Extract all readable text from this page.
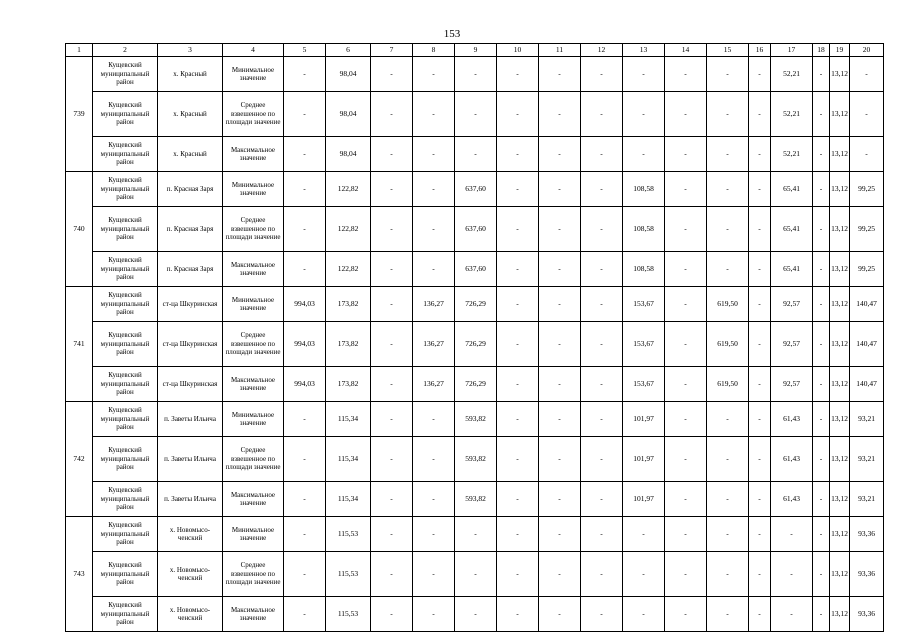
153
1	2	3	4	5	6	7	8	9	10	11	12	13	14	15	16	17	18	19	20
739	Кущевский муниципальный район	х. Красный	Минимальное значение	-	98,04	-	-	-	-	-	-	-	-	-	-	52,21	-	13,12	-
	Кущевский муниципальный район	х. Красный	Среднее взвешенное по площади значение	-	98,04	-	-	-	-	-	-	-	-	-	-	52,21	-	13,12	-
	Кущевский муниципальный район	х. Красный	Максимальное значение	-	98,04	-	-	-	-	-	-	-	-	-	-	52,21	-	13,12	-
740	Кущевский муниципальный район	п. Красная Заря	Минимальное значение	-	122,82	-	-	637,60	-	-	-	108,58	-	-	-	65,41	-	13,12	99,25
	Кущевский муниципальный район	п. Красная Заря	Среднее взвешенное по площади значение	-	122,82	-	-	637,60	-	-	-	108,58	-	-	-	65,41	-	13,12	99,25
	Кущевский муниципальный район	п. Красная Заря	Максимальное значение	-	122,82	-	-	637,60	-	-	-	108,58	-	-	-	65,41	-	13,12	99,25
741	Кущевский муниципальный район	ст-ца Шкуринская	Минимальное значение	994,03	173,82	-	136,27	726,29	-	-	-	153,67	-	619,50	-	92,57	-	13,12	140,47
	Кущевский муниципальный район	ст-ца Шкуринская	Среднее взвешенное по площади значение	994,03	173,82	-	136,27	726,29	-	-	-	153,67	-	619,50	-	92,57	-	13,12	140,47
	Кущевский муниципальный район	ст-ца Шкуринская	Максимальное значение	994,03	173,82	-	136,27	726,29	-	-	-	153,67	-	619,50	-	92,57	-	13,12	140,47
742	Кущевский муниципальный район	п. Заветы Ильича	Минимальное значение	-	115,34	-	-	593,82	-	-	-	101,97	-	-	-	61,43	-	13,12	93,21
	Кущевский муниципальный район	п. Заветы Ильича	Среднее взвешенное по площади значение	-	115,34	-	-	593,82	-	-	-	101,97	-	-	-	61,43	-	13,12	93,21
	Кущевский муниципальный район	п. Заветы Ильича	Максимальное значение	-	115,34	-	-	593,82	-	-	-	101,97	-	-	-	61,43	-	13,12	93,21
743	Кущевский муниципальный район	х. Новомысо- ченский	Минимальное значение	-	115,53	-	-	-	-	-	-	-	-	-	-	-	-	13,12	93,36
	Кущевский муниципальный район	х. Новомысо- ченский	Среднее взвешенное по площади значение	-	115,53	-	-	-	-	-	-	-	-	-	-	-	-	13,12	93,36
	Кущевский муниципальный район	х. Новомысо- ченский	Максимальное значение	-	115,53	-	-	-	-	-	-	-	-	-	-	-	-	13,12	93,36
